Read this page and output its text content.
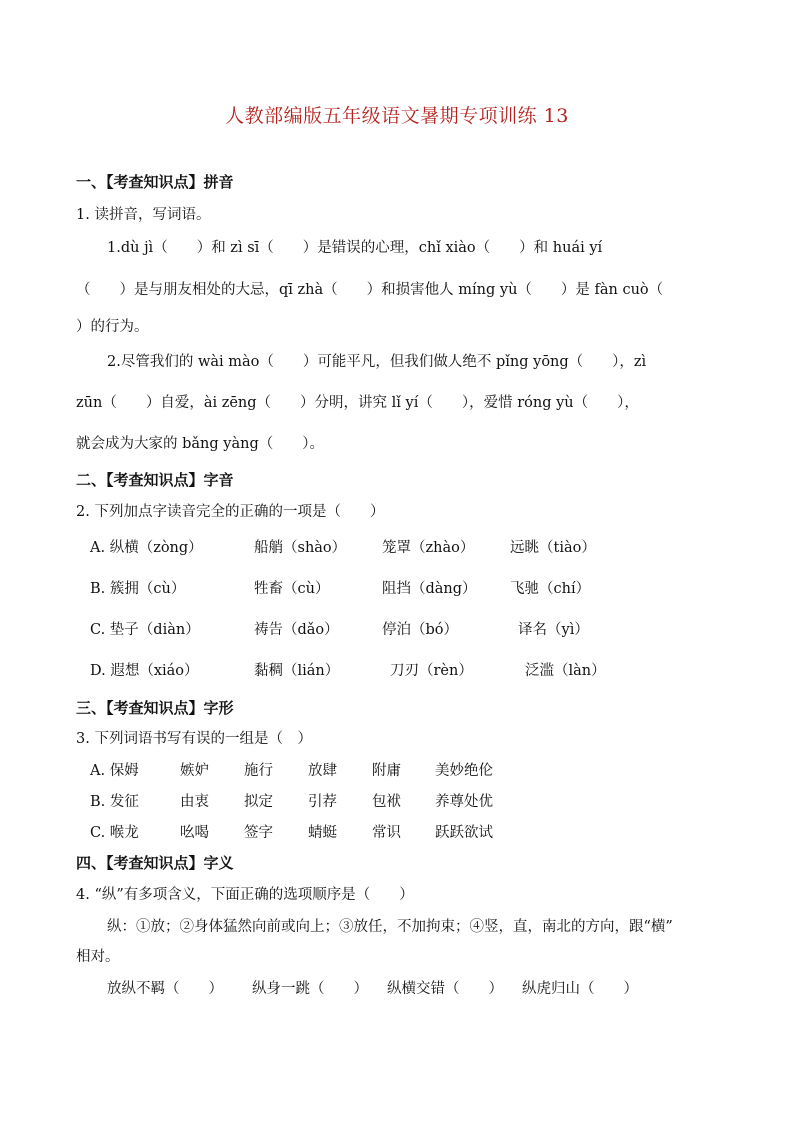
人教部编版五年级语文暑期专项训练 13
一、【考查知识点】拼音
1. 读拼音，写词语。
1.dù jì（　　）和 zì sī（　　）是错误的心理，chǐ xiào（　　）和 huái yí
（　　）是与朋友相处的大忌，qī zhà（　　）和损害他人 míng yù（　　）是 fàn cuò（
）的行为。
2.尽管我们的 wài mào（　　）可能平凡，但我们做人绝不 pǐng yōng（　　），zì
zūn（　　）自爱，ài zēng（　　）分明，讲究 lǐ yí（　　），爱惜 róng yù（　　），
就会成为大家的 bǎng yàng（　　）。
二、【考查知识点】字音
2. 下列加点字读音完全的正确的一项是（　　）
A. 纵横（zòng）	船艄（shào） 笼罩（zhào） 远眺（tiào）
B. 簇拥（cù）	牲畜（cù）	阻挡（dàng） 飞驰（chí）
C. 垫子（diàn）	祷告（dǎo）	停泊（bó）	译名（yì）
D. 遐想（xiáo）	黏稠（lián）	刀刃（rèn）	泛滥（làn）
三、【考查知识点】字形
3. 下列词语书写有误的一组是（　）
A. 保姆	嫉妒 施行 放肆 附庸 美妙绝伦
B. 发征	由衷 拟定 引荐 包袱 养尊处优
C. 喉龙	吆喝 签字 蜻蜓 常识 跃跃欲试
四、【考查知识点】字义
4. “纵”有多项含义，下面正确的选项顺序是（　　）
纵：①放；②身体猛然向前或向上；③放任，不加拘束；④竖，直，南北的方向，跟“横”
相对。
放纵不羁（　　） 纵身一跳（　　） 纵横交错（　　） 纵虎归山（　　）
